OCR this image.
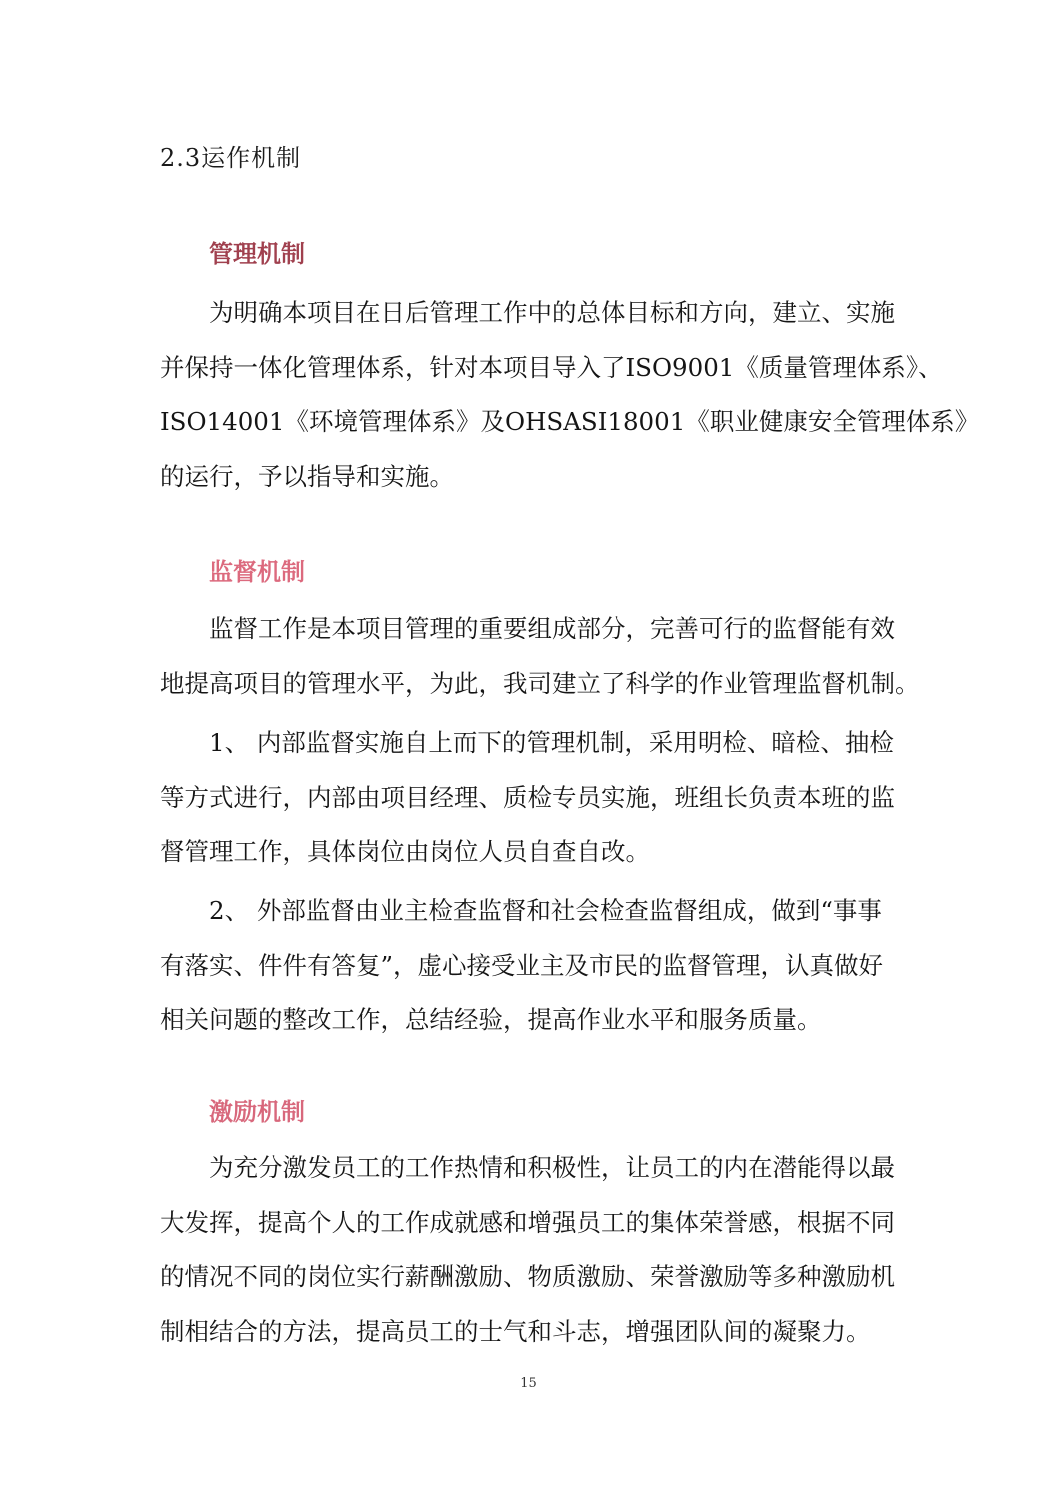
2.3运作机制
管理机制

为明确本项目在日后管理工作中的总体目标和方向，建立、实施
并保持一体化管理体系，针对本项目导入了ISO9001《质量管理体系》、
ISO14001《环境管理体系》及OHSASI18001《职业健康安全管理体系》
的运行，予以指导和实施。

监督机制

监督工作是本项目管理的重要组成部分，完善可行的监督能有效
地提高项目的管理水平，为此，我司建立了科学的作业管理监督机制。

1、 内部监督实施自上而下的管理机制，采用明检、暗检、抽检
等方式进行，内部由项目经理、质检专员实施，班组长负责本班的监
督管理工作，具体岗位由岗位人员自查自改。

2、 外部监督由业主检查监督和社会检查监督组成，做到“事事
有落实、件件有答复”，虚心接受业主及市民的监督管理，认真做好
相关问题的整改工作，总结经验，提高作业水平和服务质量。

激励机制

为充分激发员工的工作热情和积极性，让员工的内在潜能得以最
大发挥，提高个人的工作成就感和增强员工的集体荣誉感，根据不同
的情况不同的岗位实行薪酬激励、物质激励、荣誉激励等多种激励机
制相结合的方法，提高员工的士气和斗志，增强团队间的凝聚力。

15
